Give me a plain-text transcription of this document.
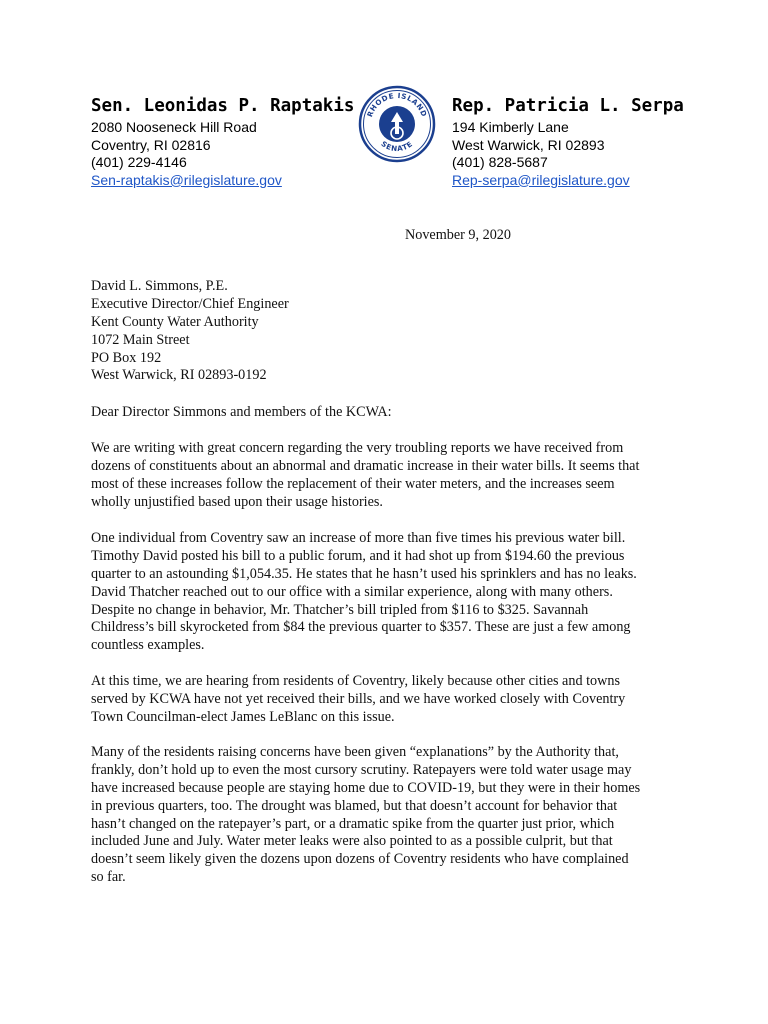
Sen. Leonidas P. Raptakis
2080 Nooseneck Hill Road
Coventry, RI 02816
(401) 229-4146
Sen-raptakis@rilegislature.gov
RHODE ISLAND
SENATE
Rep. Patricia L. Serpa
194 Kimberly Lane
West Warwick, RI 02893
(401) 828-5687
Rep-serpa@rilegislature.gov
November 9, 2020
David L. Simmons, P.E.
Executive Director/Chief Engineer
Kent County Water Authority
1072 Main Street
PO Box 192
West Warwick, RI 02893-0192
Dear Director Simmons and members of the KCWA:
We are writing with great concern regarding the very troubling reports we have received from
dozens of constituents about an abnormal and dramatic increase in their water bills. It seems that
most of these increases follow the replacement of their water meters, and the increases seem
wholly unjustified based upon their usage histories.
One individual from Coventry saw an increase of more than five times his previous water bill.
Timothy David posted his bill to a public forum, and it had shot up from $194.60 the previous
quarter to an astounding $1,054.35. He states that he hasn’t used his sprinklers and has no leaks.
David Thatcher reached out to our office with a similar experience, along with many others.
Despite no change in behavior, Mr. Thatcher’s bill tripled from $116 to $325. Savannah
Childress’s bill skyrocketed from $84 the previous quarter to $357. These are just a few among
countless examples.
At this time, we are hearing from residents of Coventry, likely because other cities and towns
served by KCWA have not yet received their bills, and we have worked closely with Coventry
Town Councilman-elect James LeBlanc on this issue.
Many of the residents raising concerns have been given “explanations” by the Authority that,
frankly, don’t hold up to even the most cursory scrutiny. Ratepayers were told water usage may
have increased because people are staying home due to COVID-19, but they were in their homes
in previous quarters, too. The drought was blamed, but that doesn’t account for behavior that
hasn’t changed on the ratepayer’s part, or a dramatic spike from the quarter just prior, which
included June and July. Water meter leaks were also pointed to as a possible culprit, but that
doesn’t seem likely given the dozens upon dozens of Coventry residents who have complained
so far.
